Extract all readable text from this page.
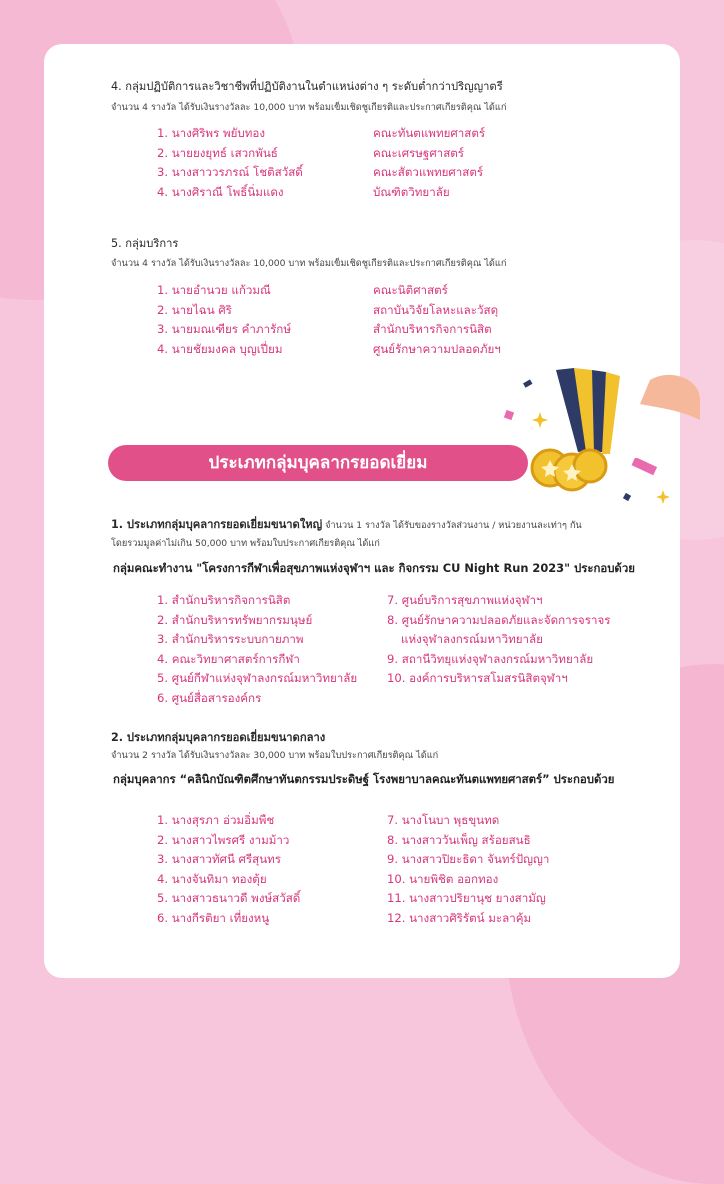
4. กลุ่มปฏิบัติการและวิชาชีพที่ปฏิบัติงานในตำแหน่งต่าง ๆ ระดับต่ำกว่าปริญญาตรี
จำนวน 4 รางวัล ได้รับเงินรางวัลละ 10,000 บาท พร้อมเข็มเชิดชูเกียรติและประกาศเกียรติคุณ ได้แก่
1. นางศิริพร พยับทอง
2. นายยงยุทธ์ เสวกพันธ์
3. นางสาววรภรณ์ โชติสวัสดิ์
4. นางศิราณี โพธิ์นิ่มแดง
คณะทันตแพทยศาสตร์
คณะเศรษฐศาสตร์
คณะสัตวแพทยศาสตร์
บัณฑิตวิทยาลัย
5. กลุ่มบริการ
จำนวน 4 รางวัล ได้รับเงินรางวัลละ 10,000 บาท พร้อมเข็มเชิดชูเกียรติและประกาศเกียรติคุณ ได้แก่
1. นายอำนวย แก้วมณี
2. นายไฉน ศิริ
3. นายมณเฑียร คำภารักษ์
4. นายชัยมงคล บุญเปี่ยม
คณะนิติศาสตร์
สถาบันวิจัยโลหะและวัสดุ
สำนักบริหารกิจการนิสิต
ศูนย์รักษาความปลอดภัยฯ
ประเภทกลุ่มบุคลากรยอดเยี่ยม
1. ประเภทกลุ่มบุคลากรยอดเยี่ยมขนาดใหญ่ จำนวน 1 รางวัล ได้รับของรางวัลส่วนงาน / หน่วยงานละเท่าๆ กัน
โดยรวมมูลค่าไม่เกิน 50,000 บาท พร้อมใบประกาศเกียรติคุณ ได้แก่
กลุ่มคณะทำงาน "โครงการกีฬาเพื่อสุขภาพแห่งจุฬาฯ และ กิจกรรม CU Night Run 2023" ประกอบด้วย
1. สำนักบริหารกิจการนิสิต
2. สำนักบริหารทรัพยากรมนุษย์
3. สำนักบริหารระบบกายภาพ
4. คณะวิทยาศาสตร์การกีฬา
5. ศูนย์กีฬาแห่งจุฬาลงกรณ์มหาวิทยาลัย
6. ศูนย์สื่อสารองค์กร
7. ศูนย์บริการสุขภาพแห่งจุฬาฯ
8. ศูนย์รักษาความปลอดภัยและจัดการจราจร
แห่งจุฬาลงกรณ์มหาวิทยาลัย
9. สถานีวิทยุแห่งจุฬาลงกรณ์มหาวิทยาลัย
10. องค์การบริหารสโมสรนิสิตจุฬาฯ
2. ประเภทกลุ่มบุคลากรยอดเยี่ยมขนาดกลาง
จำนวน 2 รางวัล ได้รับเงินรางวัลละ 30,000 บาท พร้อมใบประกาศเกียรติคุณ ได้แก่
กลุ่มบุคลากร “คลินิกบัณฑิตศึกษาทันตกรรมประดิษฐ์ โรงพยาบาลคณะทันตแพทยศาสตร์” ประกอบด้วย
1. นางสุรภา อ่วมอิ่มพืช
2. นางสาวไพรศรี งามม้าว
3. นางสาวทัศนี ศรีสุนทร
4. นางจันทิมา ทองตุ้ย
5. นางสาวธนาวดี พงษ์สวัสดิ์
6. นางกีรติยา เที่ยงหนู
7. นางโนบา พุธขุนทด
8. นางสาววันเพ็ญ สร้อยสนธิ
9. นางสาวปิยะธิดา จันทร์ปัญญา
10. นายพิชิต ออกทอง
11. นางสาวปริยานุช ยางสามัญ
12. นางสาวศิริรัตน์ มะลาคุ้ม
